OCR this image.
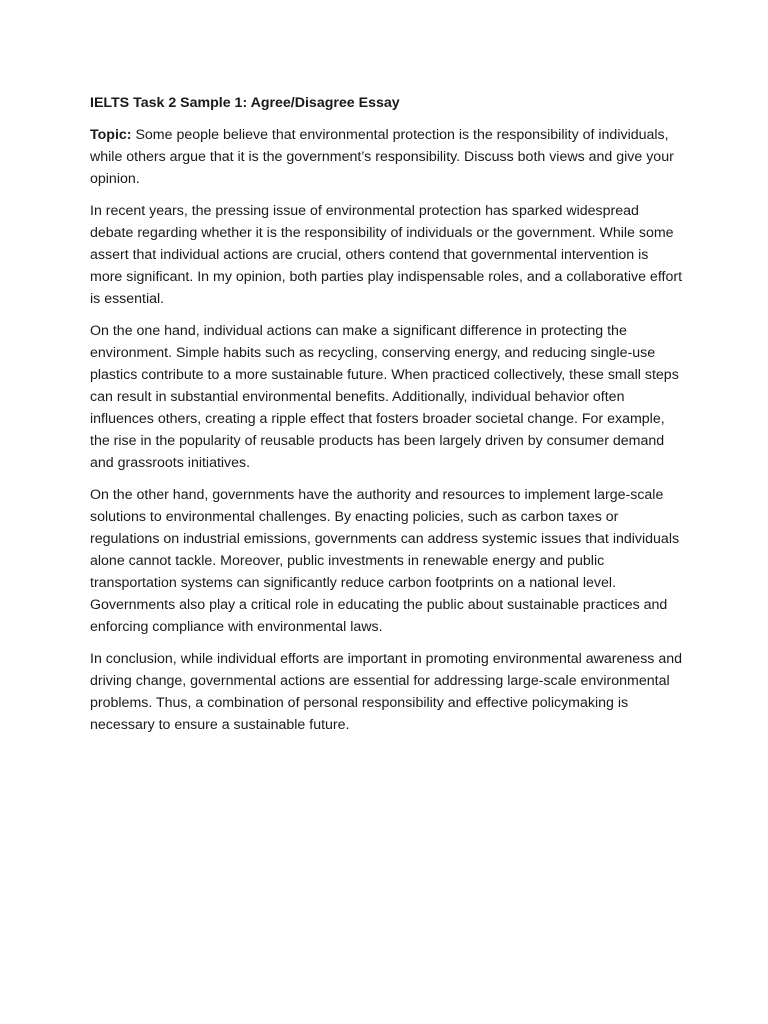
IELTS Task 2 Sample 1: Agree/Disagree Essay

Topic: Some people believe that environmental protection is the responsibility of individuals, while others argue that it is the government’s responsibility. Discuss both views and give your opinion.

In recent years, the pressing issue of environmental protection has sparked widespread debate regarding whether it is the responsibility of individuals or the government. While some assert that individual actions are crucial, others contend that governmental intervention is more significant. In my opinion, both parties play indispensable roles, and a collaborative effort is essential.

On the one hand, individual actions can make a significant difference in protecting the environment. Simple habits such as recycling, conserving energy, and reducing single-use plastics contribute to a more sustainable future. When practiced collectively, these small steps can result in substantial environmental benefits. Additionally, individual behavior often influences others, creating a ripple effect that fosters broader societal change. For example, the rise in the popularity of reusable products has been largely driven by consumer demand and grassroots initiatives.

On the other hand, governments have the authority and resources to implement large-scale solutions to environmental challenges. By enacting policies, such as carbon taxes or regulations on industrial emissions, governments can address systemic issues that individuals alone cannot tackle. Moreover, public investments in renewable energy and public transportation systems can significantly reduce carbon footprints on a national level. Governments also play a critical role in educating the public about sustainable practices and enforcing compliance with environmental laws.

In conclusion, while individual efforts are important in promoting environmental awareness and driving change, governmental actions are essential for addressing large-scale environmental problems. Thus, a combination of personal responsibility and effective policymaking is necessary to ensure a sustainable future.
